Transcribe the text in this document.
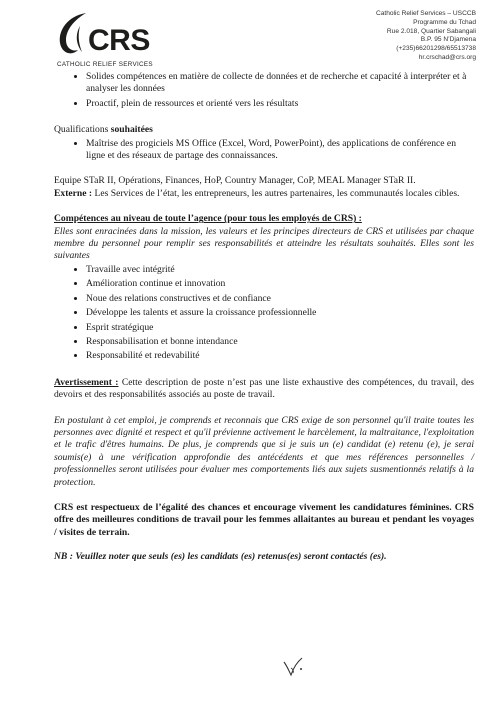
CRS
CATHOLIC RELIEF SERVICES
Catholic Relief Services – USCCB
Programme du Tchad
Rue 2.018, Quartier Sabangali
B.P. 95 N’Djamena
(+235)66201298/65513738
hr.crschad@crs.org
• Solides compétences en matière de collecte de données et de recherche et capacité à interpréter et à analyser les données
• Proactif, plein de ressources et orienté vers les résultats

Qualifications souhaitées

• Maîtrise des progiciels MS Office (Excel, Word, PowerPoint), des applications de conférence en ligne et des réseaux de partage des connaissances.

Equipe STaR II, Opérations, Finances, HoP, Country Manager, CoP, MEAL Manager STaR II.

Externe : Les Services de l’état, les entrepreneurs, les autres partenaires, les communautés locales cibles.

Compétences au niveau de toute l’agence (pour tous les employés de CRS) :

Elles sont enracinées dans la mission, les valeurs et les principes directeurs de CRS et utilisées par chaque membre du personnel pour remplir ses responsabilités et atteindre les résultats souhaités. Elles sont les suivantes

• Travaille avec intégrité
• Amélioration continue et innovation
• Noue des relations constructives et de confiance
• Développe les talents et assure la croissance professionnelle
• Esprit stratégique
• Responsabilisation et bonne intendance
• Responsabilité et redevabilité

Avertissement : Cette description de poste n’est pas une liste exhaustive des compétences, du travail, des devoirs et des responsabilités associés au poste de travail.

En postulant à cet emploi, je comprends et reconnais que CRS exige de son personnel qu'il traite toutes les personnes avec dignité et respect et qu'il prévienne activement le harcèlement, la maltraitance, l'exploitation et le trafic d'êtres humains. De plus, je comprends que si je suis un (e) candidat (e) retenu (e), je serai soumis(e) à une vérification approfondie des antécédents et que mes références personnelles / professionnelles seront utilisées pour évaluer mes comportements liés aux sujets susmentionnés relatifs à la protection.

CRS est respectueux de l’égalité des chances et encourage vivement les candidatures féminines. CRS offre des meilleures conditions de travail pour les femmes allaitantes au bureau et pendant les voyages / visites de terrain.

NB : Veuillez noter que seuls (es) les candidats (es) retenus(es) seront contactés (es).
